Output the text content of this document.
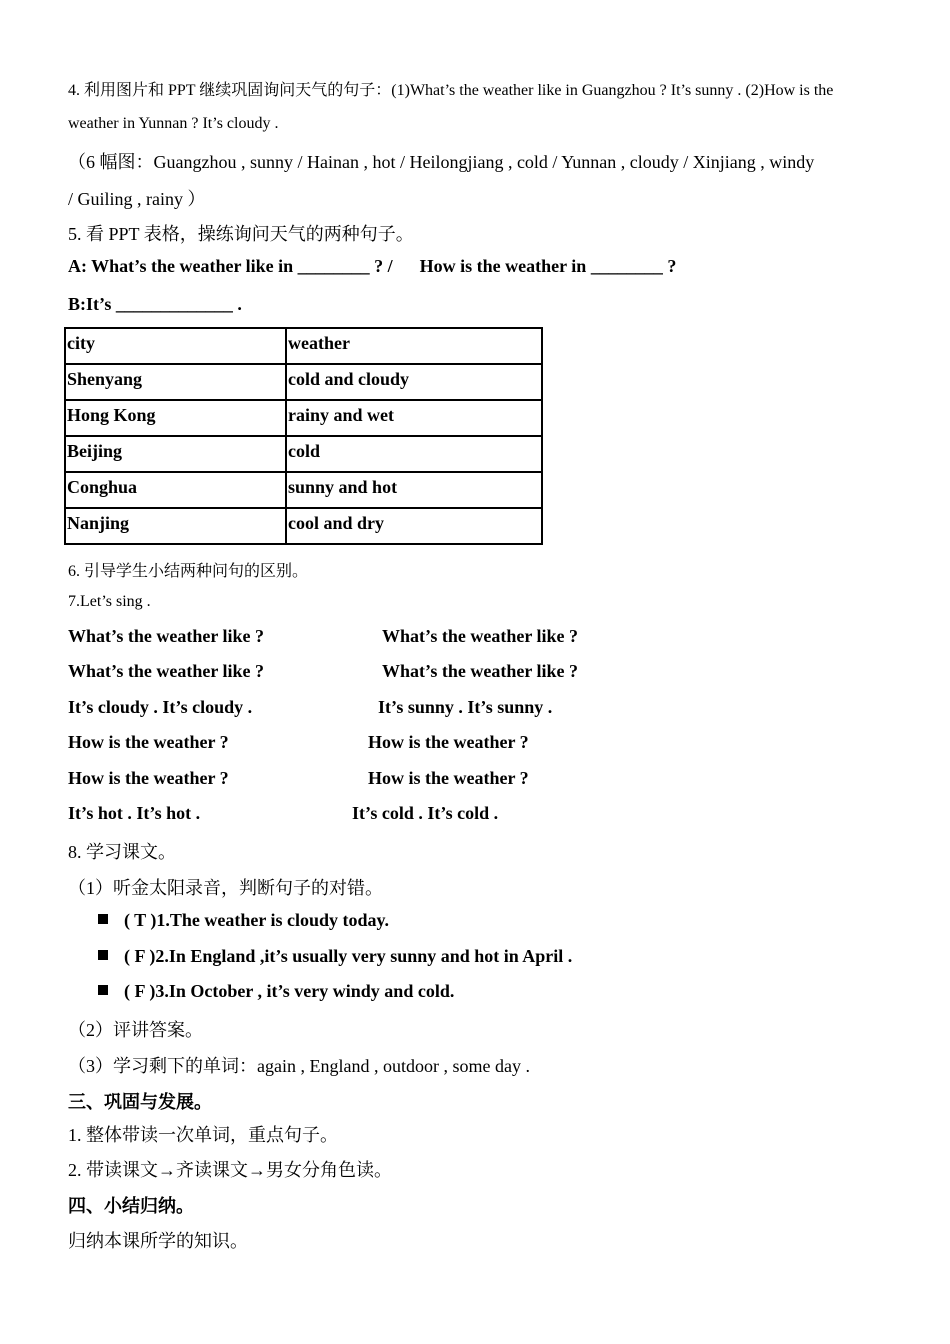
4. 利用图片和 PPT 继续巩固询问天气的句子：(1)What’s the weather like in Guangzhou ? It’s sunny . (2)How is the
weather in Yunnan ? It’s cloudy .
（6 幅图：Guangzhou , sunny / Hainan , hot / Heilongjiang , cold / Yunnan , cloudy / Xinjiang , windy
/ Guiling , rainy ）
5. 看 PPT 表格，操练询问天气的两种句子。
A: What’s the weather like in ________ ? /      How is the weather in ________ ?
B:It’s _____________ .
city	weather
Shenyang	cold and cloudy
Hong Kong	rainy and wet
Beijing	cold
Conghua	sunny and hot
Nanjing	cool and dry
6. 引导学生小结两种问句的区别。
7.Let’s sing .
What’s the weather like ?	What’s the weather like ?
What’s the weather like ?	What’s the weather like ?
It’s cloudy . It’s cloudy .	It’s sunny . It’s sunny .
How is the weather ?	How is the weather ?
How is the weather ?	How is the weather ?
It’s hot . It’s hot .	It’s cold . It’s cold .
8. 学习课文。
（1）听金太阳录音，判断句子的对错。
( T )1.The weather is cloudy today.
( F )2.In England ,it’s usually very sunny and hot in April .
( F )3.In October , it’s very windy and cold.
（2）评讲答案。
（3）学习剩下的单词：again , England , outdoor , some day .
三、巩固与发展。
1. 整体带读一次单词，重点句子。
2. 带读课文→齐读课文→男女分角色读。
四、小结归纳。
归纳本课所学的知识。
